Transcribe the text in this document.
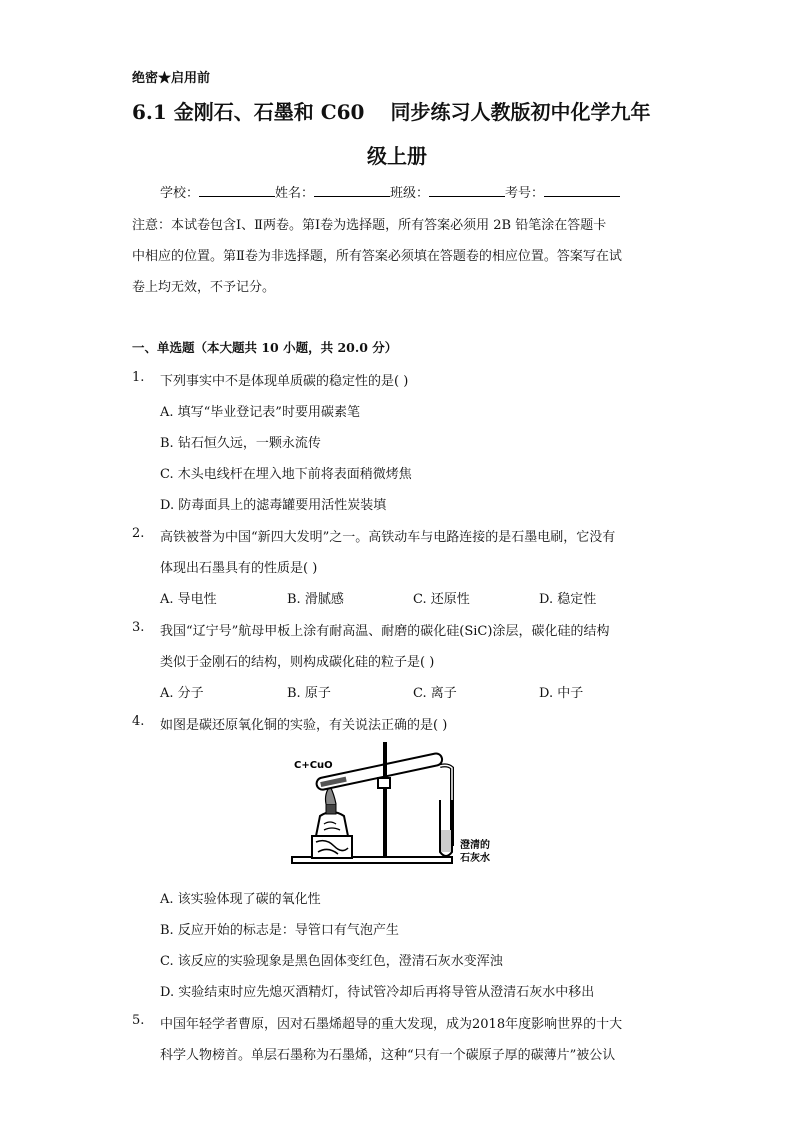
绝密★启用前
6.1 金刚石、石墨和 C60 同步练习人教版初中化学九年
级上册
学校：	姓名：	班级：	考号：
注意：本试卷包含Ⅰ、Ⅱ两卷。第Ⅰ卷为选择题，所有答案必须用 2B 铅笔涂在答题卡
中相应的位置。第Ⅱ卷为非选择题，所有答案必须填在答题卷的相应位置。答案写在试
卷上均无效，不予记分。
一、单选题（本大题共 10 小题，共 20.0 分）
1. 下列事实中不是体现单质碳的稳定性的是( )
A. 填写“毕业登记表”时要用碳素笔
B. 钻石恒久远，一颗永流传
C. 木头电线杆在埋入地下前将表面稍微烤焦
D. 防毒面具上的滤毒罐要用活性炭装填
2. 高铁被誉为中国“新四大发明”之一。高铁动车与电路连接的是石墨电刷，它没有
体现出石墨具有的性质是( )
A. 导电性	B. 滑腻感	C. 还原性	D. 稳定性
3. 我国“辽宁号”航母甲板上涂有耐高温、耐磨的碳化硅(SiC)涂层，碳化硅的结构
类似于金刚石的结构，则构成碳化硅的粒子是( )
A. 分子	B. 原子	C. 离子	D. 中子
4. 如图是碳还原氧化铜的实验，有关说法正确的是( )
C+CuO
澄清的
石灰水
A. 该实验体现了碳的氧化性
B. 反应开始的标志是：导管口有气泡产生
C. 该反应的实验现象是黑色固体变红色，澄清石灰水变浑浊
D. 实验结束时应先熄灭酒精灯，待试管冷却后再将导管从澄清石灰水中移出
5. 中国年轻学者曹原，因对石墨烯超导的重大发现，成为2018年度影响世界的十大
科学人物榜首。单层石墨称为石墨烯，这种“只有一个碳原子厚的碳薄片”被公认
